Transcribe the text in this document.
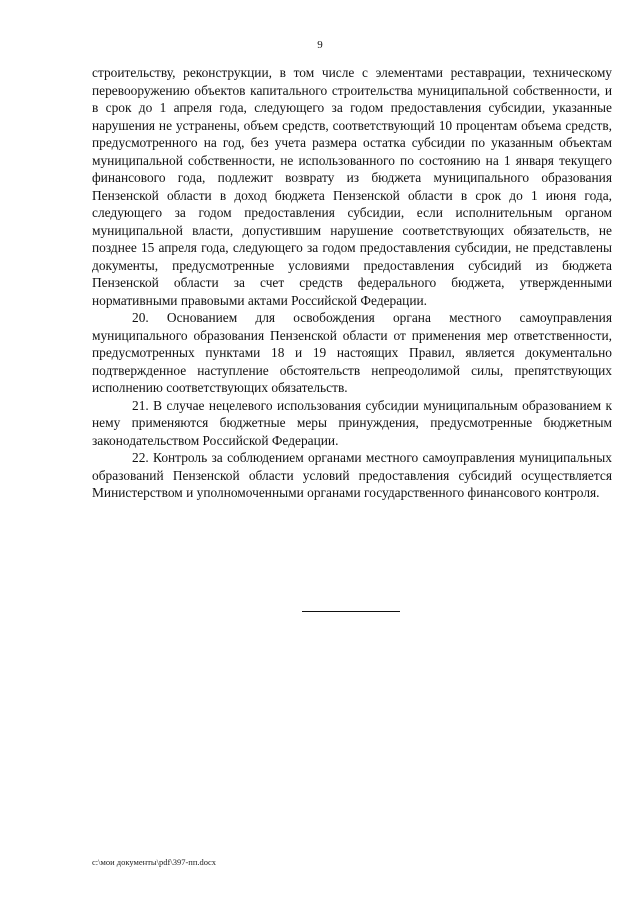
9

строительству, реконструкции, в том числе с элементами реставрации, техническому перевооружению объектов капитального строительства муниципальной собственности, и в срок до 1 апреля года, следующего за годом предоставления субсидии, указанные нарушения не устранены, объем средств, соответствующий 10 процентам объема средств, предусмотренного на год, без учета размера остатка субсидии по указанным объектам муниципальной собственности, не использованного по состоянию на 1 января текущего финансового года, подлежит возврату из бюджета муниципального образования Пензенской области в доход бюджета Пензенской области в срок до 1 июня года, следующего за годом предоставления субсидии, если исполнительным органом муниципальной власти, допустившим нарушение соответствующих обязательств, не позднее 15 апреля года, следующего за годом предоставления субсидии, не представлены документы, предусмотренные условиями предоставления субсидий из бюджета Пензенской области за счет средств федерального бюджета, утвержденными нормативными правовыми актами Российской Федерации.

20. Основанием для освобождения органа местного самоуправления муниципального образования Пензенской области от применения мер ответственности, предусмотренных пунктами 18 и 19 настоящих Правил, является документально подтвержденное наступление обстоятельств непреодолимой силы, препятствующих исполнению соответствующих обязательств.

21. В случае нецелевого использования субсидии муниципальным образованием к нему применяются бюджетные меры принуждения, предусмотренные бюджетным законодательством Российской Федерации.

22. Контроль за соблюдением органами местного самоуправления муниципальных образований Пензенской области условий предоставления субсидий осуществляется Министерством и уполномоченными органами государственного финансового контроля.

c:\мои документы\pdf\397-пп.docx
